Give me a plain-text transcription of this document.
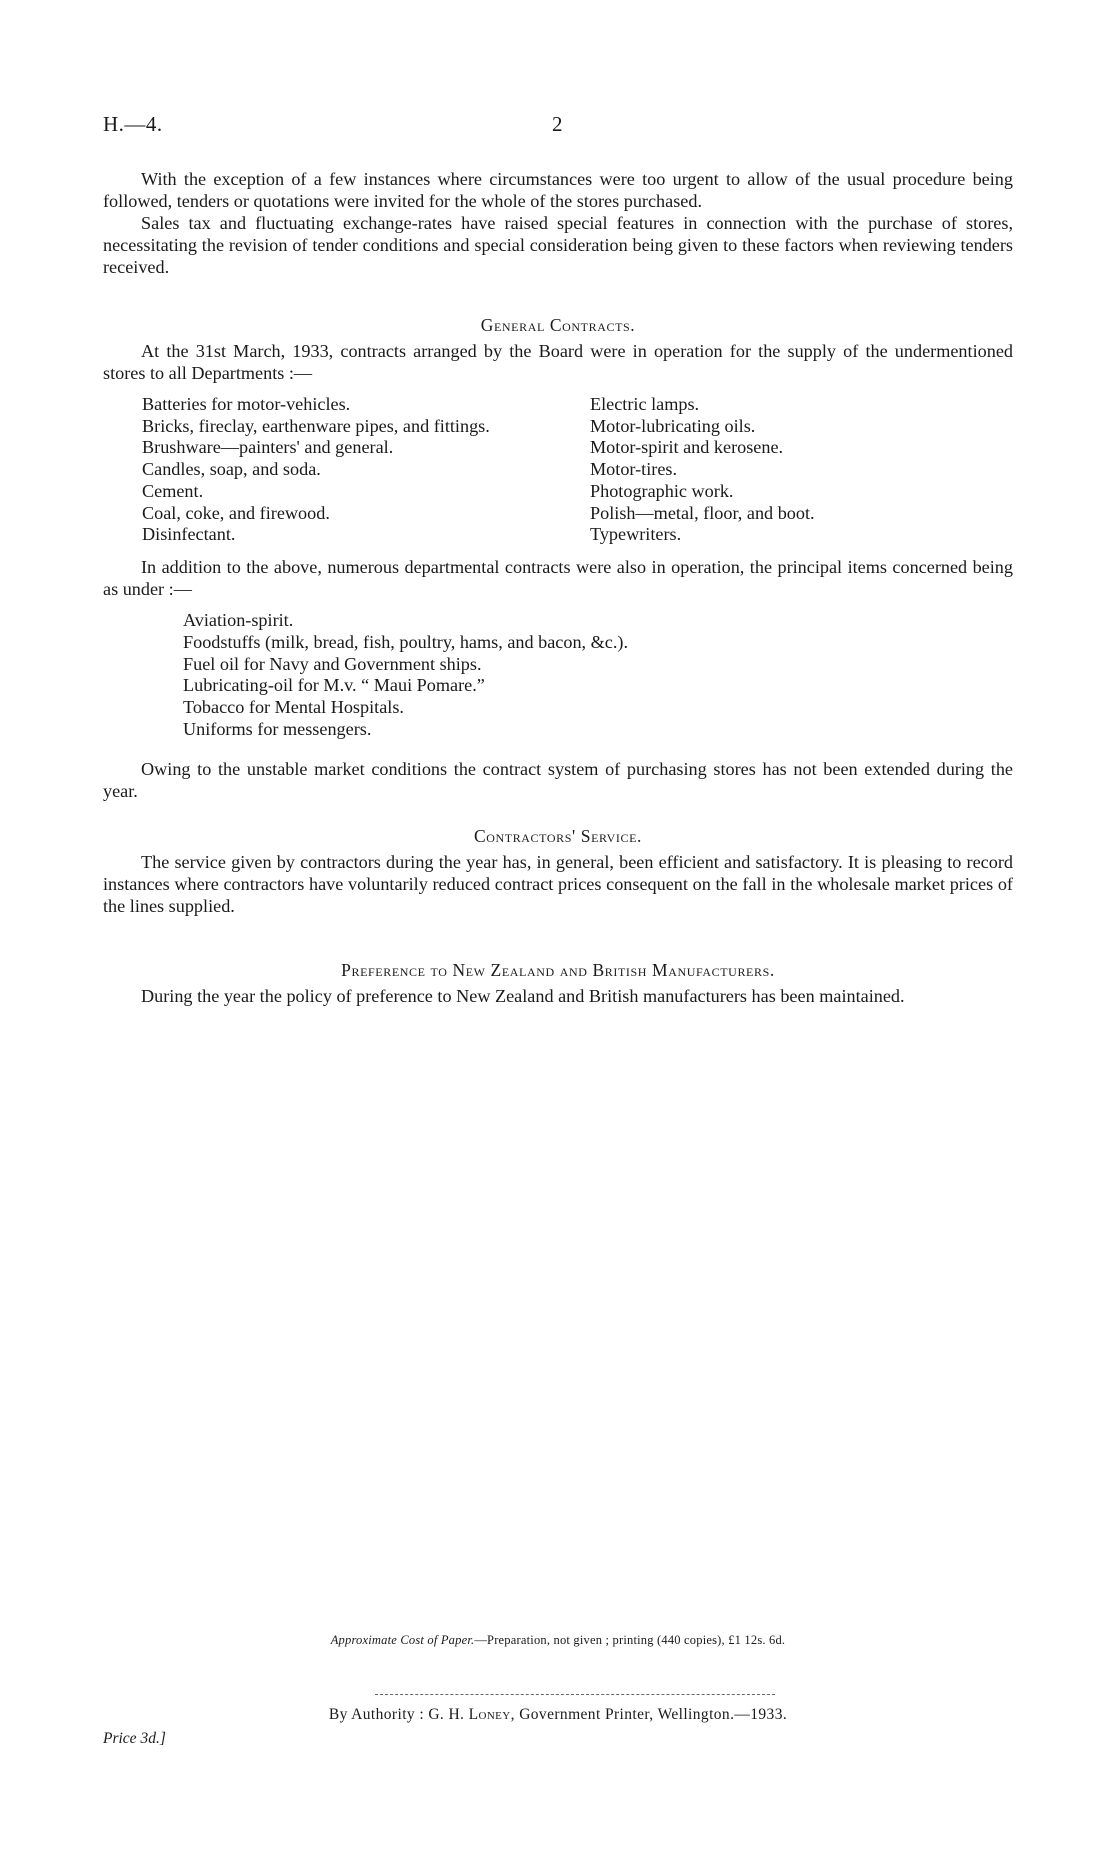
H.—4.	2

With the exception of a few instances where circumstances were too urgent to allow of the usual procedure being followed, tenders or quotations were invited for the whole of the stores purchased.

Sales tax and fluctuating exchange-rates have raised special features in connection with the purchase of stores, necessitating the revision of tender conditions and special consideration being given to these factors when reviewing tenders received.

General Contracts.

At the 31st March, 1933, contracts arranged by the Board were in operation for the supply of the undermentioned stores to all Departments :—

Batteries for motor-vehicles.
Bricks, fireclay, earthenware pipes, and fittings.
Brushware—painters' and general.
Candles, soap, and soda.
Cement.
Coal, coke, and firewood.
Disinfectant.
Electric lamps.
Motor-lubricating oils.
Motor-spirit and kerosene.
Motor-tires.
Photographic work.
Polish—metal, floor, and boot.
Typewriters.

In addition to the above, numerous departmental contracts were also in operation, the principal items concerned being as under :—

Aviation-spirit.
Foodstuffs (milk, bread, fish, poultry, hams, and bacon, &c.).
Fuel oil for Navy and Government ships.
Lubricating-oil for M.v. “ Maui Pomare.”
Tobacco for Mental Hospitals.
Uniforms for messengers.

Owing to the unstable market conditions the contract system of purchasing stores has not been extended during the year.

Contractors' Service.

The service given by contractors during the year has, in general, been efficient and satisfactory. It is pleasing to record instances where contractors have voluntarily reduced contract prices consequent on the fall in the wholesale market prices of the lines supplied.

Preference to New Zealand and British Manufacturers.

During the year the policy of preference to New Zealand and British manufacturers has been maintained.

Approximate Cost of Paper.—Preparation, not given ; printing (440 copies), £1 12s. 6d.
By Authority : G. H. Loney, Government Printer, Wellington.—1933.
Price 3d.]
